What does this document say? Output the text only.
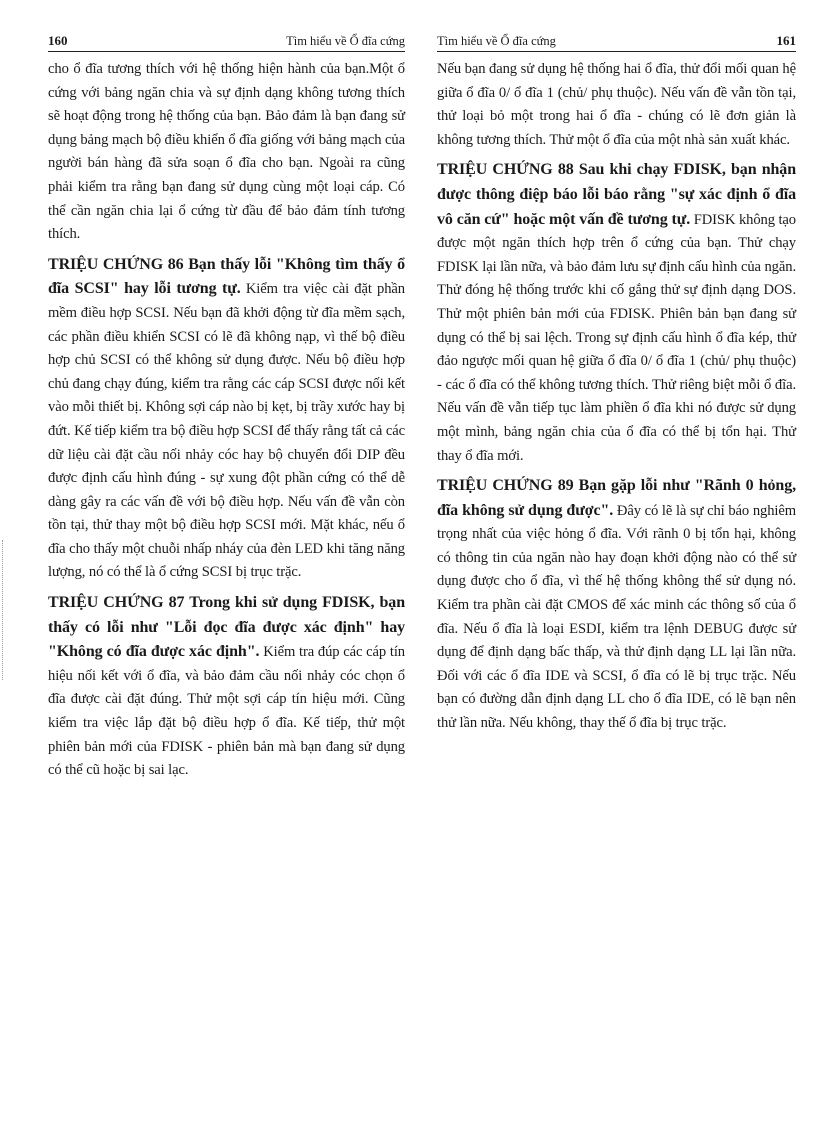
160	Tìm hiểu về Ổ đĩa cứng

cho ổ đĩa tương thích với hệ thống hiện hành của bạn.Một ổ cứng với bảng ngăn chia và sự định dạng không tương thích sẽ hoạt động trong hệ thống của bạn. Bảo đảm là bạn đang sử dụng bảng mạch bộ điều khiển ổ đĩa giống với bảng mạch của người bán hàng đã sửa soạn ổ đĩa cho bạn. Ngoài ra cũng phải kiểm tra rằng bạn đang sử dụng cùng một loại cáp. Có thể cần ngăn chia lại ổ cứng từ đầu để bảo đảm tính tương thích.

TRIỆU CHỨNG 86 Bạn thấy lỗi "Không tìm thấy ổ đĩa SCSI" hay lỗi tương tự. Kiểm tra việc cài đặt phần mềm điều hợp SCSI. Nếu bạn đã khởi động từ đĩa mềm sạch, các phần điều khiển SCSI có lẽ đã không nạp, vì thế bộ điều hợp chủ SCSI có thể không sử dụng được. Nếu bộ điều hợp chủ đang chạy đúng, kiểm tra rằng các cáp SCSI được nối kết vào mỗi thiết bị. Không sợi cáp nào bị kẹt, bị trầy xước hay bị đứt. Kế tiếp kiểm tra bộ điều hợp SCSI để thấy rằng tất cả các dữ liệu cài đặt cầu nối nhảy cóc hay bộ chuyển đổi DIP đều được định cấu hình đúng - sự xung đột phần cứng có thể dễ dàng gây ra các vấn đề với bộ điều hợp. Nếu vấn đề vẫn còn tồn tại, thử thay một bộ điều hợp SCSI mới. Mặt khác, nếu ổ đĩa cho thấy một chuỗi nhấp nháy của đèn LED khi tăng năng lượng, nó có thể là ổ cứng SCSI bị trục trặc.

TRIỆU CHỨNG 87 Trong khi sử dụng FDISK, bạn thấy có lỗi như "Lỗi đọc đĩa được xác định" hay "Không có đĩa được xác định". Kiểm tra đúp các cáp tín hiệu nối kết với ổ đĩa, và bảo đảm cầu nối nhảy cóc chọn ổ đĩa được cài đặt đúng. Thử một sợi cáp tín hiệu mới. Cũng kiểm tra việc lắp đặt bộ điều hợp ổ đĩa. Kế tiếp, thử một phiên bản mới của FDISK - phiên bản mà bạn đang sử dụng có thể cũ hoặc bị sai lạc.

Tìm hiểu về Ổ đĩa cứng	161

Nếu bạn đang sử dụng hệ thống hai ổ đĩa, thử đổi mối quan hệ giữa ổ đĩa 0/ ổ đĩa 1 (chủ/ phụ thuộc). Nếu vấn đề vẫn tồn tại, thử loại bỏ một trong hai ổ đĩa - chúng có lẽ đơn giản là không tương thích. Thử một ổ đĩa của một nhà sản xuất khác.

TRIỆU CHỨNG 88 Sau khi chạy FDISK, bạn nhận được thông điệp báo lỗi báo rằng "sự xác định ổ đĩa vô căn cứ" hoặc một vấn đề tương tự. FDISK không tạo được một ngăn thích hợp trên ổ cứng của bạn. Thử chạy FDISK lại lần nữa, và bảo đảm lưu sự định cấu hình của ngăn. Thử đóng hệ thống trước khi cố gắng thử sự định dạng DOS. Thử một phiên bản mới của FDISK. Phiên bản bạn đang sử dụng có thể bị sai lệch. Trong sự định cấu hình ổ đĩa kép, thử đảo ngược mối quan hệ giữa ổ đĩa 0/ ổ đĩa 1 (chủ/ phụ thuộc) - các ổ đĩa có thể không tương thích. Thử riêng biệt mỗi ổ đĩa. Nếu vấn đề vẫn tiếp tục làm phiền ổ đĩa khi nó được sử dụng một mình, bảng ngăn chia của ổ đĩa có thể bị tổn hại. Thử thay ổ đĩa mới.

TRIỆU CHỨNG 89 Bạn gặp lỗi như "Rãnh 0 hỏng, đĩa không sử dụng được". Đây có lẽ là sự chỉ báo nghiêm trọng nhất của việc hỏng ổ đĩa. Với rãnh 0 bị tổn hại, không có thông tin của ngăn nào hay đoạn khởi động nào có thể sử dụng được cho ổ đĩa, vì thế hệ thống không thể sử dụng nó. Kiểm tra phần cài đặt CMOS để xác minh các thông số của ổ đĩa. Nếu ổ đĩa là loại ESDI, kiểm tra lệnh DEBUG được sử dụng để định dạng bấc thấp, và thử định dạng LL lại lần nữa. Đối với các ổ đĩa IDE và SCSI, ổ đĩa có lẽ bị trục trặc. Nếu bạn có đường dẫn định dạng LL cho ổ đĩa IDE, có lẽ bạn nên thử lần nữa. Nếu không, thay thế ổ đĩa bị trục trặc.
